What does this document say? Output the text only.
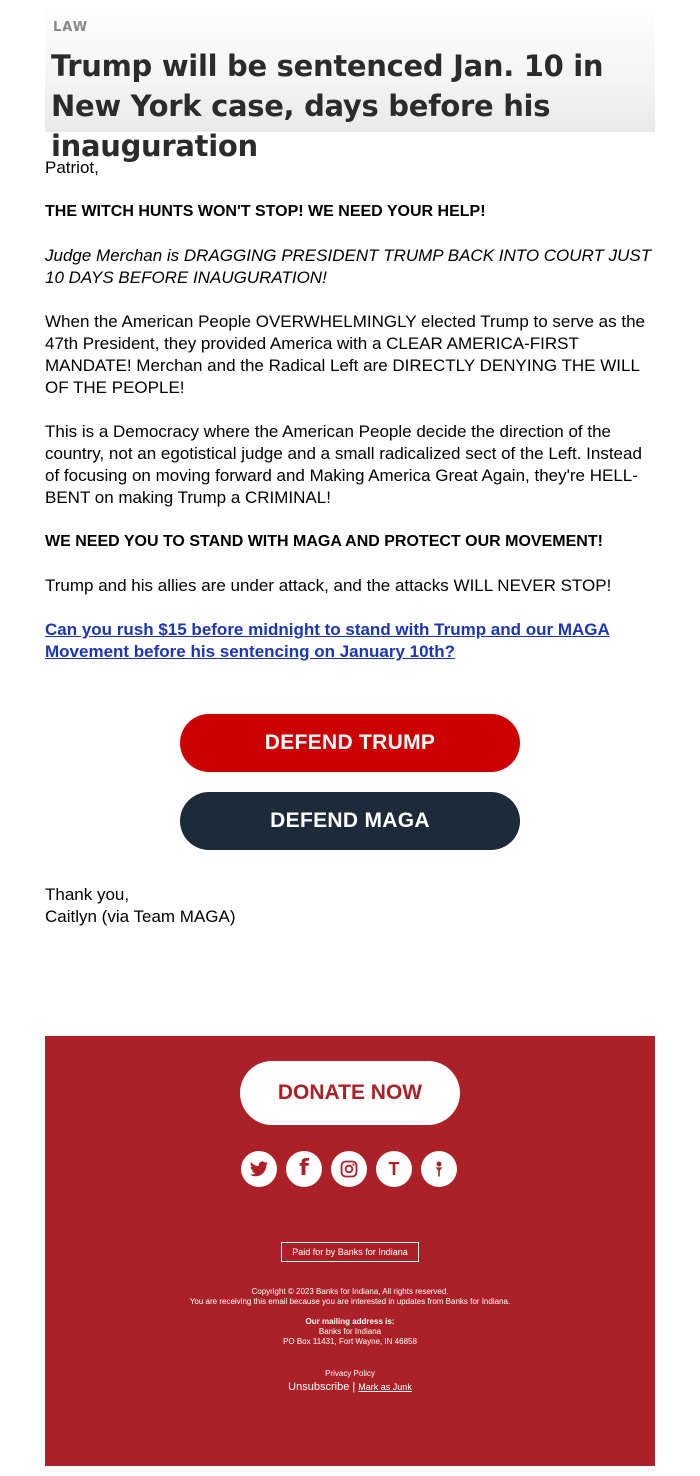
LAW
Trump will be sentenced Jan. 10 in New York case, days before his inauguration

Patriot,

THE WITCH HUNTS WON'T STOP! WE NEED YOUR HELP!

Judge Merchan is DRAGGING PRESIDENT TRUMP BACK INTO COURT JUST 10 DAYS BEFORE INAUGURATION!

When the American People OVERWHELMINGLY elected Trump to serve as the 47th President, they provided America with a CLEAR AMERICA-FIRST MANDATE! Merchan and the Radical Left are DIRECTLY DENYING THE WILL OF THE PEOPLE!

This is a Democracy where the American People decide the direction of the country, not an egotistical judge and a small radicalized sect of the Left. Instead of focusing on moving forward and Making America Great Again, they're HELL-BENT on making Trump a CRIMINAL!

WE NEED YOU TO STAND WITH MAGA AND PROTECT OUR MOVEMENT!

Trump and his allies are under attack, and the attacks WILL NEVER STOP!

Can you rush $15 before midnight to stand with Trump and our MAGA Movement before his sentencing on January 10th?

DEFEND TRUMP
DEFEND MAGA
Thank you,
Caitlyn (via Team MAGA)
DONATE NOW
f	T
Paid for by Banks for Indiana
Copyright © 2023 Banks for Indiana, All rights reserved.
You are receiving this email because you are interested in updates from Banks for Indiana.
Our mailing address is:
Banks for Indiana
PO Box 11431, Fort Wayne, IN 46858
Privacy Policy
Unsubscribe | Mark as Junk
